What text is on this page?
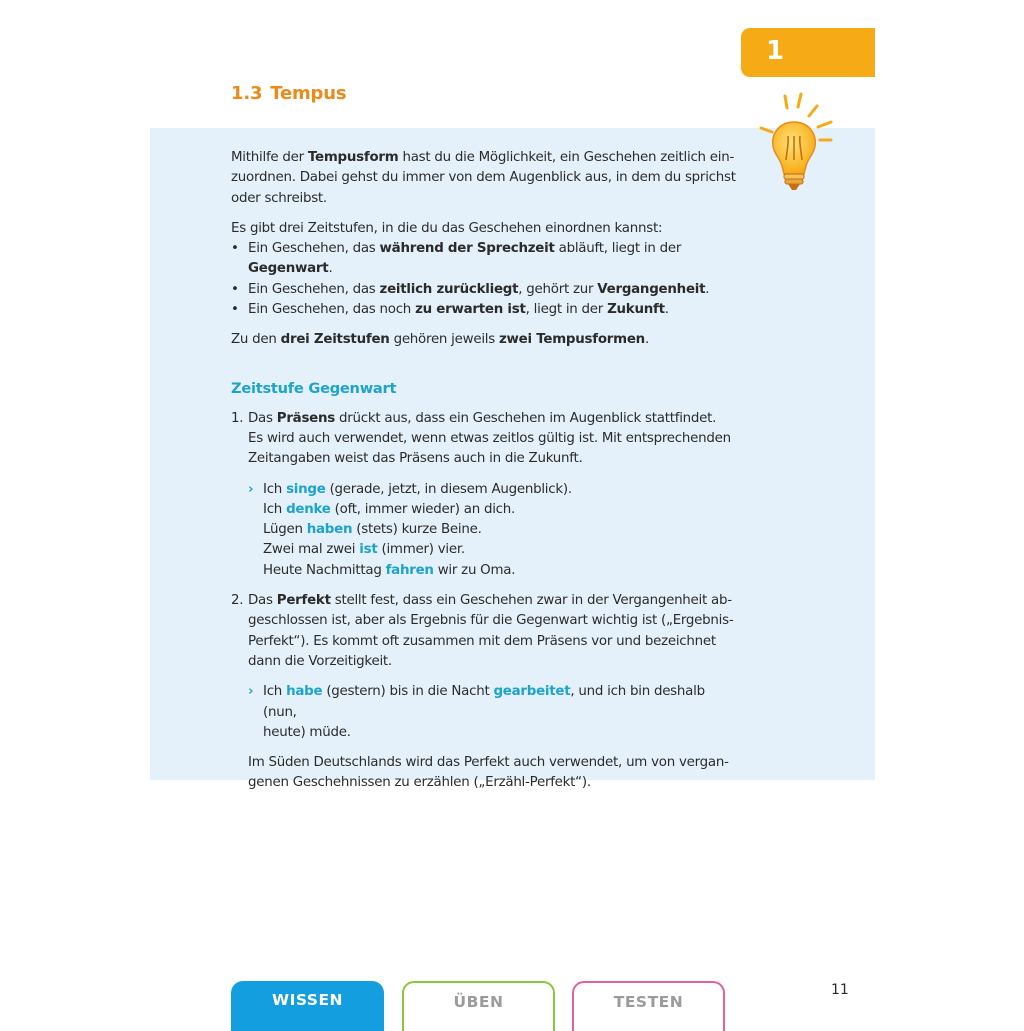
1
1.3 Tempus

Mithilfe der Tempusform hast du die Möglichkeit, ein Geschehen zeitlich ein-
zuordnen. Dabei gehst du immer von dem Augenblick aus, in dem du sprichst
oder schreibst.

Es gibt drei Zeitstufen, in die du das Geschehen einordnen kannst:

• Ein Geschehen, das während der Sprechzeit abläuft, liegt in der Gegenwart.
• Ein Geschehen, das zeitlich zurückliegt, gehört zur Vergangenheit.
• Ein Geschehen, das noch zu erwarten ist, liegt in der Zukunft.

Zu den drei Zeitstufen gehören jeweils zwei Tempusformen.

Zeitstufe Gegenwart
1. Das Präsens drückt aus, dass ein Geschehen im Augenblick stattfindet.
Es wird auch verwendet, wenn etwas zeitlos gültig ist. Mit entsprechenden
Zeitangaben weist das Präsens auch in die Zukunft.
› Ich singe (gerade, jetzt, in diesem Augenblick).
Ich denke (oft, immer wieder) an dich.
Lügen haben (stets) kurze Beine.
Zwei mal zwei ist (immer) vier.
Heute Nachmittag fahren wir zu Oma.
2. Das Perfekt stellt fest, dass ein Geschehen zwar in der Vergangenheit ab-
geschlossen ist, aber als Ergebnis für die Gegenwart wichtig ist („Ergebnis-
Perfekt“). Es kommt oft zusammen mit dem Präsens vor und bezeichnet
dann die Vorzeitigkeit.
› Ich habe (gestern) bis in die Nacht gearbeitet, und ich bin deshalb (nun,
heute) müde.

Im Süden Deutschlands wird das Perfekt auch verwendet, um von vergan-
genen Geschehnissen zu erzählen („Erzähl-Perfekt“).

WISSEN	ÜBEN	TESTEN
11
